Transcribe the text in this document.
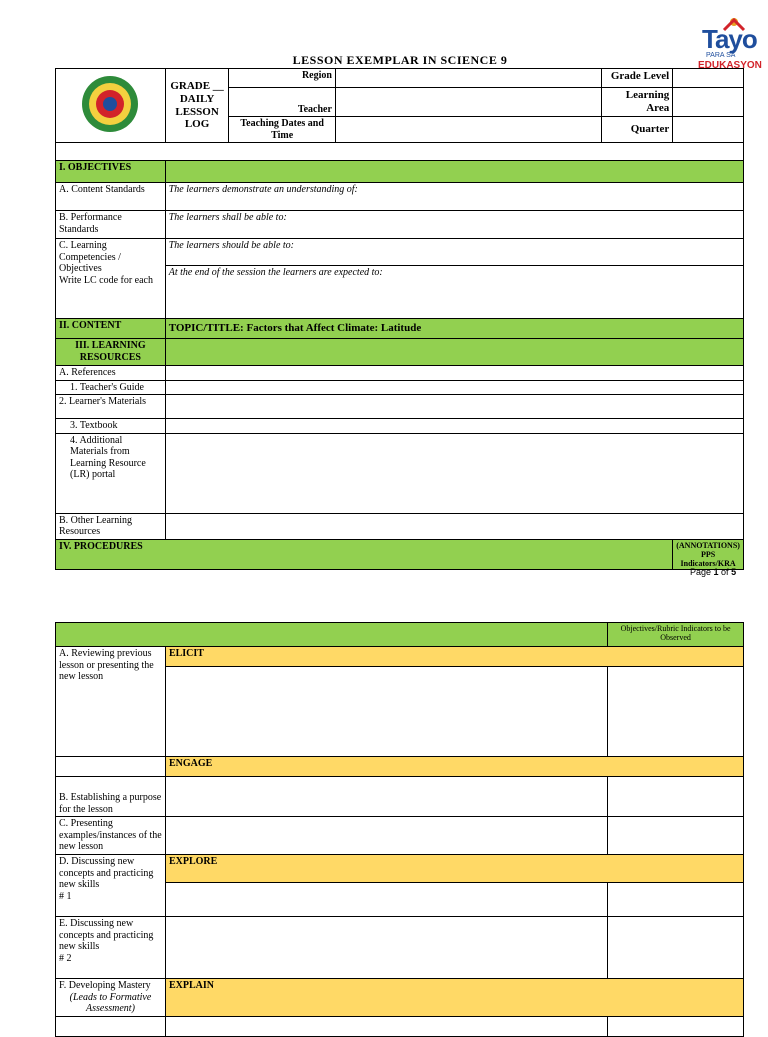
Tayo
PARA SA
EDUKASYON
LESSON EXEMPLAR IN SCIENCE 9
	GRADE __
DAILY
LESSON
LOG	Region		Grade Level	
		Teacher		Learning Area	
		Teaching Dates and Time		Quarter	

I. OBJECTIVES					
A. Content Standards	The learners demonstrate an understanding of:				
B. Performance Standards	The learners shall be able to:				
C. Learning Competencies / Objectives
Write LC code for each	The learners should be able to:				
	At the end of the session the learners are expected to:				
II. CONTENT	TOPIC/TITLE: Factors that Affect Climate: Latitude				
III. LEARNING RESOURCES					
A. References					
1. Teacher's Guide					
2. Learner's Materials					
3. Textbook					
4. Additional Materials from Learning Resource (LR) portal					
B. Other Learning Resources					
IV. PROCEDURES					(ANNOTATIONS)
PPS Indicators/KRA
Page 1 of 5
		Objectives/Rubric Indicators to be Observed
A. Reviewing previous lesson or presenting the new lesson	ELICIT	

	ENGAGE	
B. Establishing a purpose for the lesson		
C. Presenting examples/instances of the new lesson		
D. Discussing new concepts and practicing new skills
# 1	EXPLORE	

E. Discussing new concepts and practicing new skills
# 2		

F. Developing Mastery
(Leads to Formative Assessment)	EXPLAIN	
